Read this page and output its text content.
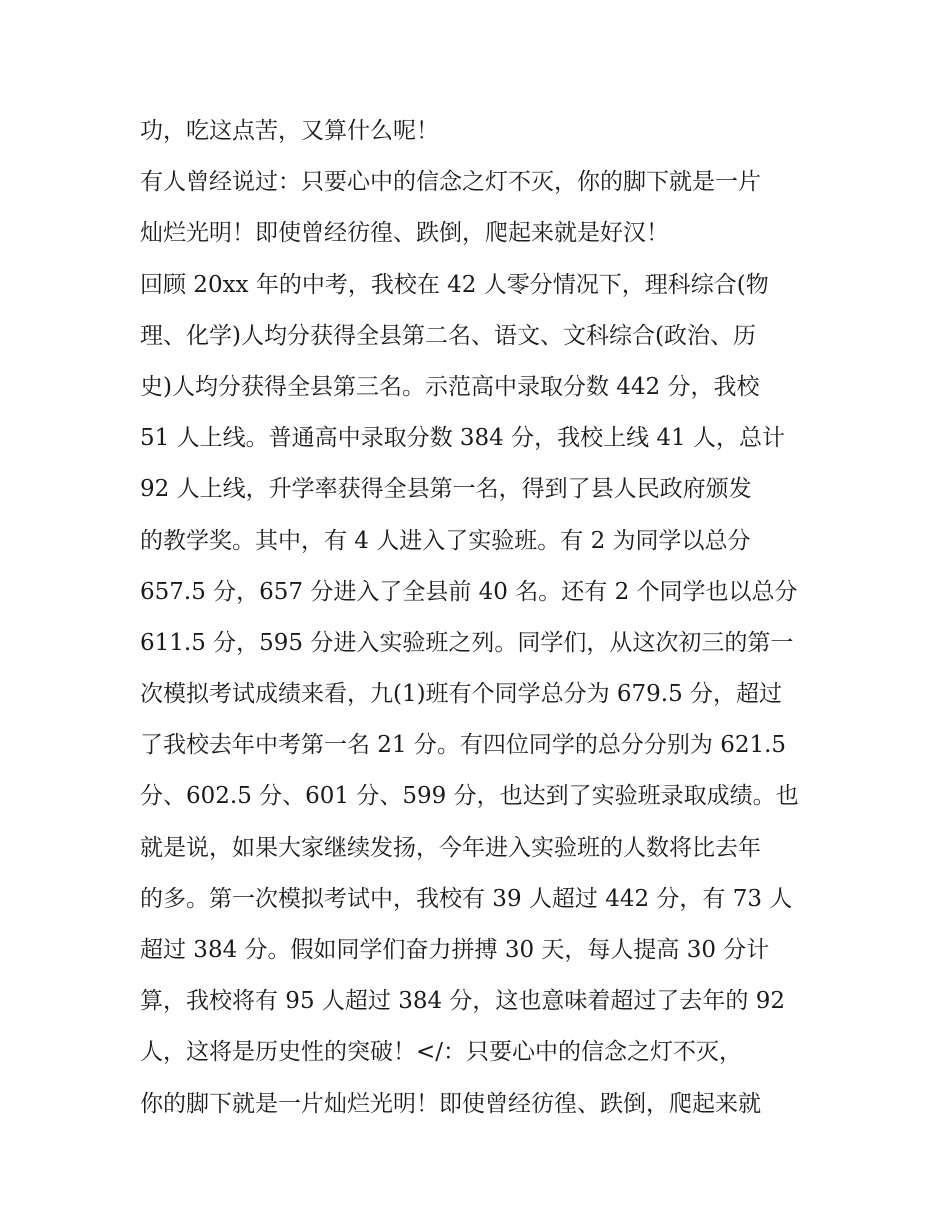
功，吃这点苦，又算什么呢！
有人曾经说过：只要心中的信念之灯不灭，你的脚下就是一片
灿烂光明！即使曾经彷徨、跌倒，爬起来就是好汉！
回顾 20xx 年的中考，我校在 42 人零分情况下，理科综合(物
理、化学)人均分获得全县第二名、语文、文科综合(政治、历
史)人均分获得全县第三名。示范高中录取分数 442 分，我校
51 人上线。普通高中录取分数 384 分，我校上线 41 人，总计
92 人上线，升学率获得全县第一名，得到了县人民政府颁发
的教学奖。其中，有 4 人进入了实验班。有 2 为同学以总分
657.5 分，657 分进入了全县前 40 名。还有 2 个同学也以总分
611.5 分，595 分进入实验班之列。同学们，从这次初三的第一
次模拟考试成绩来看，九(1)班有个同学总分为 679.5 分，超过
了我校去年中考第一名 21 分。有四位同学的总分分别为 621.5
分、602.5 分、601 分、599 分，也达到了实验班录取成绩。也
就是说，如果大家继续发扬，今年进入实验班的人数将比去年
的多。第一次模拟考试中，我校有 39 人超过 442 分，有 73 人
超过 384 分。假如同学们奋力拼搏 30 天，每人提高 30 分计
算，我校将有 95 人超过 384 分，这也意味着超过了去年的 92
人，这将是历史性的突破！</：只要心中的信念之灯不灭，
你的脚下就是一片灿烂光明！即使曾经彷徨、跌倒，爬起来就
